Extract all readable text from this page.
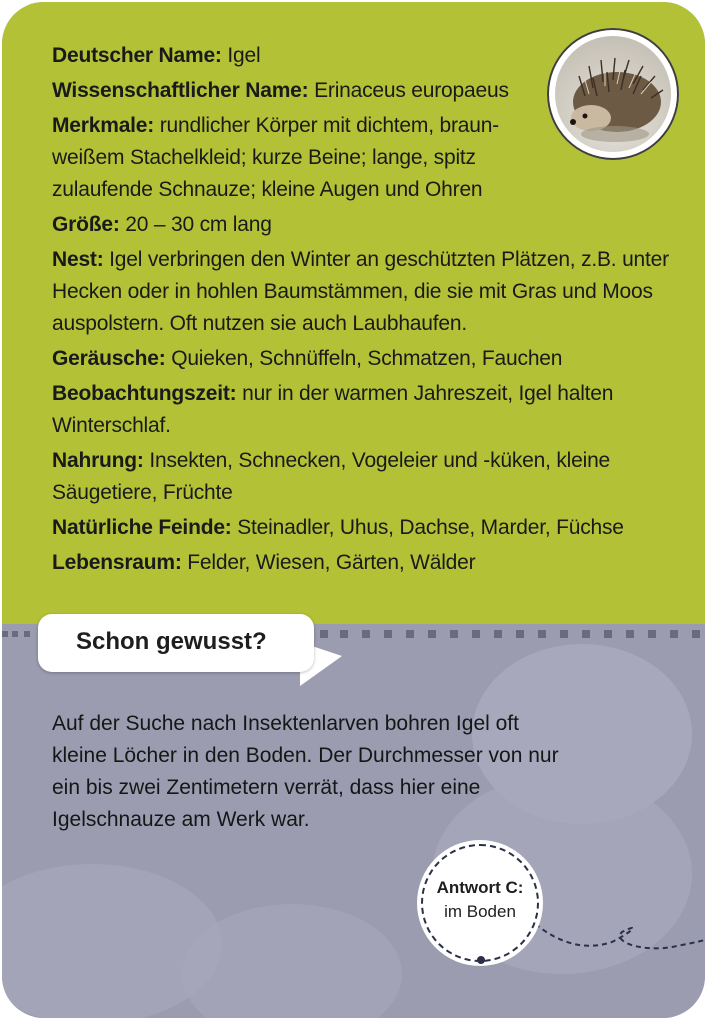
Deutscher Name: Igel
Wissenschaftlicher Name: Erinaceus europaeus
Merkmale: rundlicher Körper mit dichtem, braun-weißem Stachelkleid; kurze Beine; lange, spitz zulaufende Schnauze; kleine Augen und Ohren
Größe: 20 – 30 cm lang
Nest: Igel verbringen den Winter an geschützten Plätzen, z.B. unter Hecken oder in hohlen Baumstämmen, die sie mit Gras und Moos auspolstern. Oft nutzen sie auch Laubhaufen.
Geräusche: Quieken, Schnüffeln, Schmatzen, Fauchen
Beobachtungszeit: nur in der warmen Jahreszeit, Igel halten Winterschlaf.
Nahrung: Insekten, Schnecken, Vogeleier und -küken, kleine Säugetiere, Früchte
Natürliche Feinde: Steinadler, Uhus, Dachse, Marder, Füchse
Lebensraum: Felder, Wiesen, Gärten, Wälder
Schon gewusst?
Auf der Suche nach Insektenlarven bohren Igel oft kleine Löcher in den Boden. Der Durchmesser von nur ein bis zwei Zentimetern verrät, dass hier eine Igelschnauze am Werk war.
Antwort C:
im Boden
